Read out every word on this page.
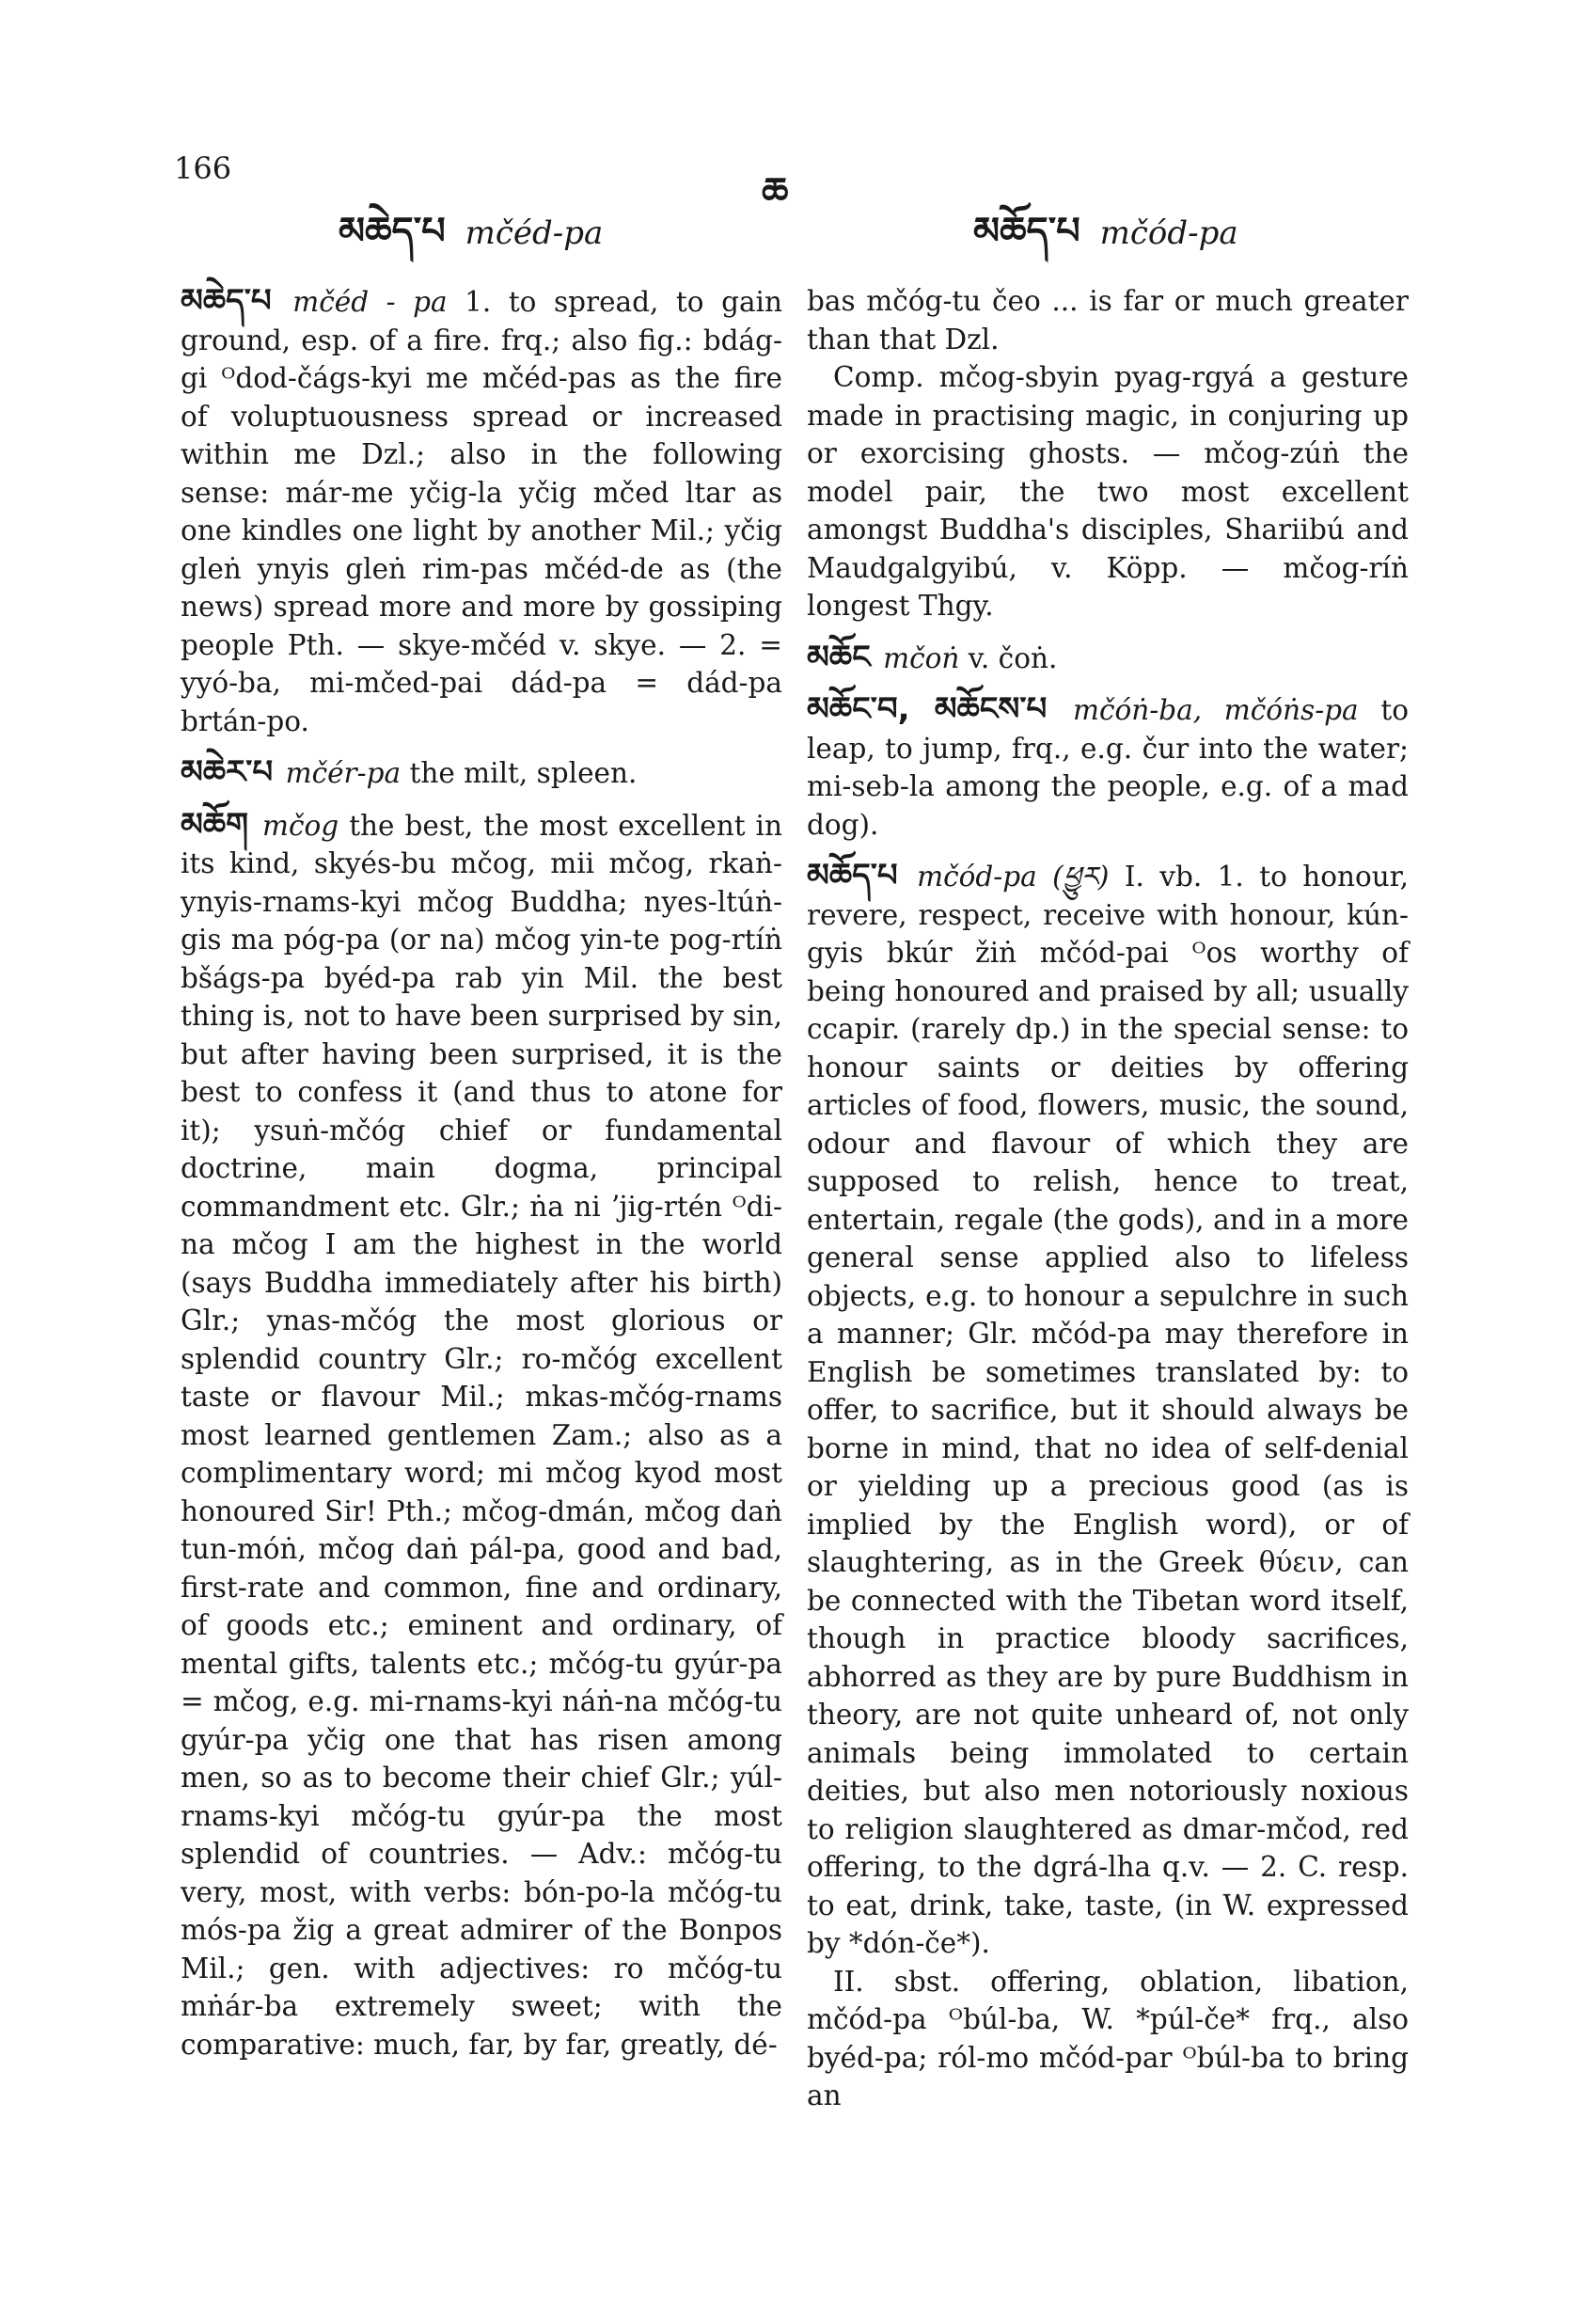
166
ཆ
མཆེད་པ mčéd-pa	མཆོད་པ mčód-pa

མཆེད་པ mčéd - pa 1. to spread, to gain ground, esp. of a fire. frq.; also fig.: bdág-gi ᴼdod-čágs-kyi me mčéd-pas as the fire of voluptuousness spread or increased within me Dzl.; also in the following sense: már-me yčig-la yčig mčed ltar as one kindles one light by another Mil.; yčig gleṅ ynyis gleṅ rim-pas mčéd-de as (the news) spread more and more by gossiping people Pth. — skye-mčéd v. skye. — 2. = yyó-ba, mi-mčed-pai dád-pa = dád-pa brtán-po.

མཆེར་པ mčér-pa the milt, spleen.

མཆོག mčog the best, the most excellent in its kind, skyés-bu mčog, mii mčog, rkaṅ-ynyis-rnams-kyi mčog Buddha; nyes-ltúṅ-gis ma póg-pa (or na) mčog yin-te pog-rtíṅ bšágs-pa byéd-pa rab yin Mil. the best thing is, not to have been surprised by sin, but after having been surprised, it is the best to confess it (and thus to atone for it); ysuṅ-mčóg chief or fundamental doctrine, main dogma, principal commandment etc. Glr.; ṅa ni ʼjig-rtén ᴼdi-na mčog I am the highest in the world (says Buddha immediately after his birth) Glr.; ynas-mčóg the most glorious or splendid country Glr.; ro-mčóg excellent taste or flavour Mil.; mkas-mčóg-rnams most learned gentlemen Zam.; also as a complimentary word; mi mčog kyod most honoured Sir! Pth.; mčog-dmán, mčog daṅ tun-móṅ, mčog daṅ pál-pa, good and bad, first-rate and common, fine and ordinary, of goods etc.; eminent and ordinary, of mental gifts, talents etc.; mčóg-tu gyúr-pa = mčog, e.g. mi-rnams-kyi náṅ-na mčóg-tu gyúr-pa yčig one that has risen among men, so as to become their chief Glr.; yúl-rnams-kyi mčóg-tu gyúr-pa the most splendid of countries. — Adv.: mčóg-tu very, most, with verbs: bón-po-la mčóg-tu mós-pa žig a great admirer of the Bonpos Mil.; gen. with adjectives: ro mčóg-tu mṅár-ba extremely sweet; with the comparative: much, far, by far, greatly, dé-

bas mčóg-tu čeo ... is far or much greater than that Dzl.

Comp. mčog-sbyin pyag-rgyá a gesture made in practising magic, in conjuring up or exorcising ghosts. — mčog-zúṅ the model pair, the two most excellent amongst Buddha's disciples, Shariibú and Maudgalgyibú, v. Köpp. — mčog-ríṅ longest Thgy.

མཆོང mčoṅ v. čoṅ.

མཆོང་བ, མཆོངས་པ mčóṅ-ba, mčóṅs-pa to leap, to jump, frq., e.g. čur into the water; mi-seb-la among the people, e.g. of a mad dog).

མཆོད་པ mčód-pa (ཕྱུར) I. vb. 1. to honour, revere, respect, receive with honour, kún-gyis bkúr žiṅ mčód-pai ᴼos worthy of being honoured and praised by all; usually ccapir. (rarely dp.) in the special sense: to honour saints or deities by offering articles of food, flowers, music, the sound, odour and flavour of which they are supposed to relish, hence to treat, entertain, regale (the gods), and in a more general sense applied also to lifeless objects, e.g. to honour a sepulchre in such a manner; Glr. mčód-pa may therefore in English be sometimes translated by: to offer, to sacrifice, but it should always be borne in mind, that no idea of self-denial or yielding up a precious good (as is implied by the English word), or of slaughtering, as in the Greek θύειν, can be connected with the Tibetan word itself, though in practice bloody sacrifices, abhorred as they are by pure Buddhism in theory, are not quite unheard of, not only animals being immolated to certain deities, but also men notoriously noxious to religion slaughtered as dmar-mčod, red offering, to the dgrá-lha q.v. — 2. C. resp. to eat, drink, take, taste, (in W. expressed by *dón-če*).

II. sbst. offering, oblation, libation, mčód-pa ᴼbúl-ba, W. *púl-če* frq., also byéd-pa; ról-mo mčód-par ᴼbúl-ba to bring an
